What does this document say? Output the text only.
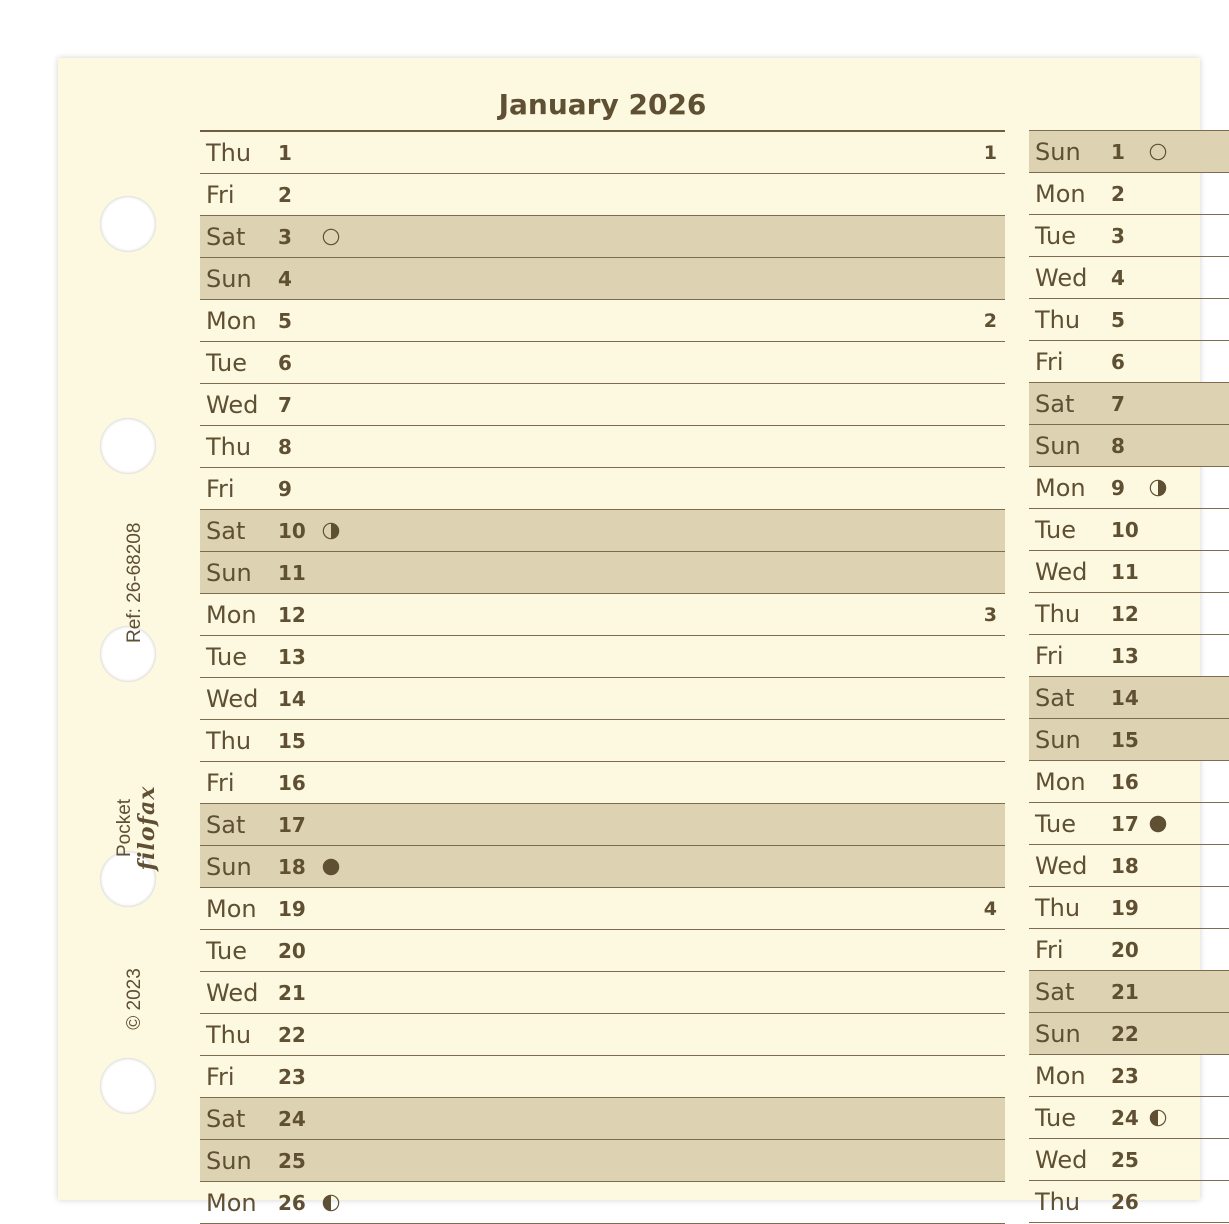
Ref: 26-68208
Pocket filofax
© 2023
January 2026
Thu 1	1
Fri 2
Sat 3
Sun 4
Mon 5	2
Tue 6
Wed 7
Thu 8
Fri 9
Sat 10
Sun 11
Mon 12	3
Tue 13
Wed 14
Thu 15
Fri 16
Sat 17
Sun 18
Mon 19	4
Tue 20
Wed 21
Thu 22
Fri 23
Sat 24
Sun 25
Mon 26
Sun 1
Mon 2
Tue 3
Wed 4
Thu 5
Fri 6
Sat 7
Sun 8
Mon 9
Tue 10
Wed 11
Thu 12
Fri 13
Sat 14
Sun 15
Mon 16
Tue 17
Wed 18
Thu 19
Fri 20
Sat 21
Sun 22
Mon 23
Tue 24
Wed 25
Thu 26
